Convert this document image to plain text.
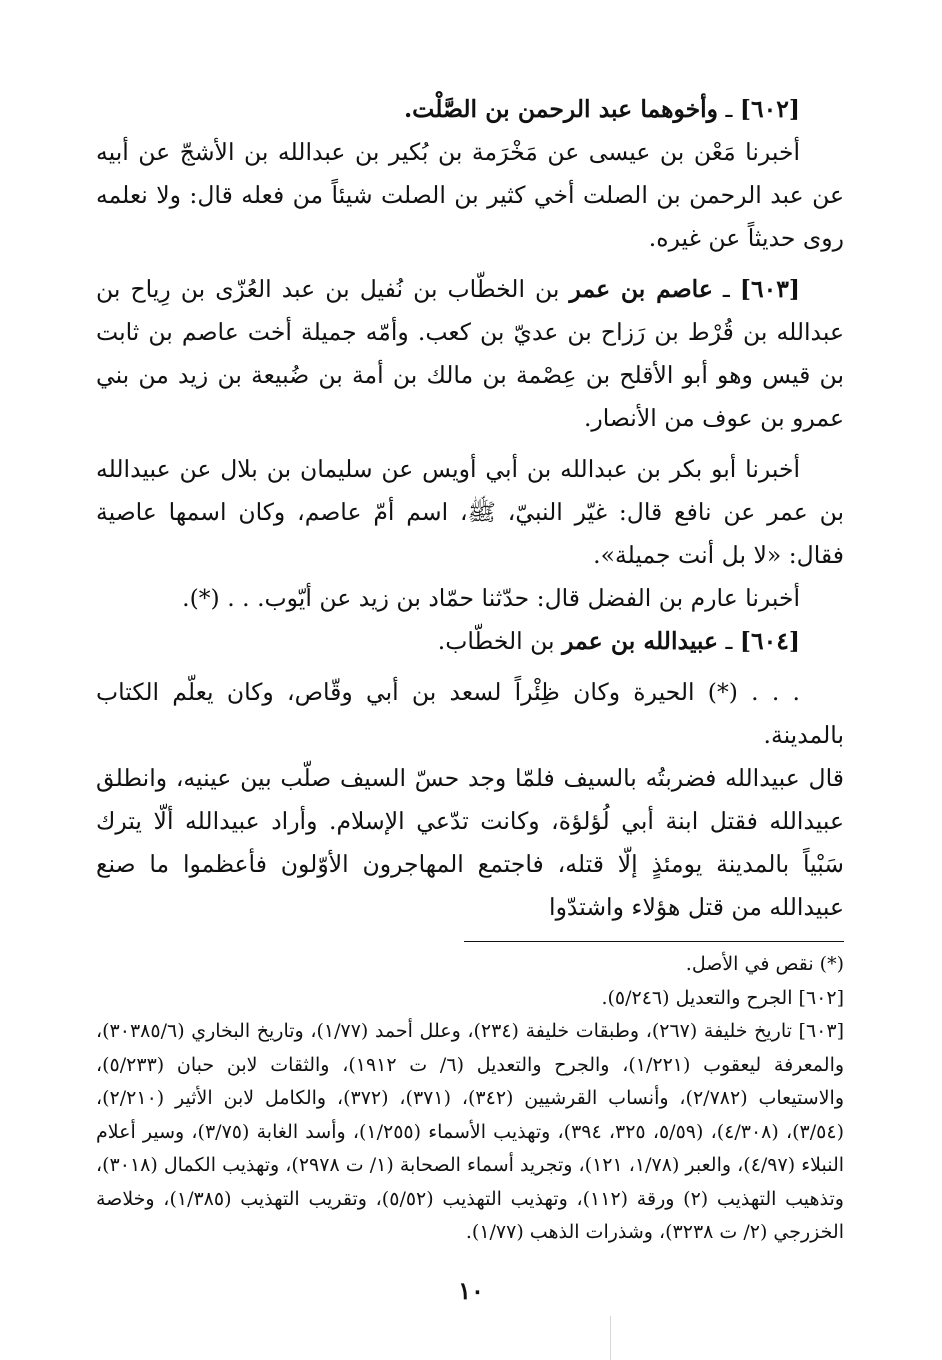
[٦٠٢] ـ وأخوهما عبد الرحمن بن الصَّلْت.

أخبرنا مَعْن بن عيسى عن مَخْرَمة بن بُكير بن عبدالله بن الأشجّ عن أبيه عن عبد الرحمن بن الصلت أخي كثير بن الصلت شيئاً من فعله قال: ولا نعلمه روى حديثاً عن غيره.

[٦٠٣] ـ عاصم بن عمر بن الخطّاب بن نُفيل بن عبد العُزّى بن رِياح بن عبدالله بن قُرْط بن رَزاح بن عديّ بن كعب. وأمّه جميلة أخت عاصم بن ثابت بن قيس وهو أبو الأقلح بن عِصْمة بن مالك بن أمة بن ضُبيعة بن زيد من بني عمرو بن عوف من الأنصار.

أخبرنا أبو بكر بن عبدالله بن أبي أويس عن سليمان بن بلال عن عبيدالله بن عمر عن نافع قال: غيّر النبيّ، ﷺ، اسم أمّ عاصم، وكان اسمها عاصية فقال: «لا بل أنت جميلة».

أخبرنا عارم بن الفضل قال: حدّثنا حمّاد بن زيد عن أيّوب. . . (*).

[٦٠٤] ـ عبيدالله بن عمر بن الخطّاب.

. . . (*) الحيرة وكان ظِئْراً لسعد بن أبي وقّاص، وكان يعلّم الكتاب بالمدينة.

قال عبيدالله فضربتُه بالسيف فلمّا وجد حسّ السيف صلّب بين عينيه، وانطلق عبيدالله فقتل ابنة أبي لُؤلؤة، وكانت تدّعي الإسلام. وأراد عبيدالله ألّا يترك سَبْياً بالمدينة يومئذٍ إلّا قتله، فاجتمع المهاجرون الأوّلون فأعظموا ما صنع عبيدالله من قتل هؤلاء واشتدّوا

(*) نقص في الأصل.

[٦٠٢] الجرح والتعديل (٥/٢٤٦).

[٦٠٣] تاريخ خليفة (٢٦٧)، وطبقات خليفة (٢٣٤)، وعلل أحمد (١/٧٧)، وتاريخ البخاري (٣٠٣٨٥/٦)، والمعرفة ليعقوب (١/٢٢١)، والجرح والتعديل (٦/ ت ١٩١٢)، والثقات لابن حبان (٥/٢٣٣)، والاستيعاب (٢/٧٨٢)، وأنساب القرشيين (٣٤٢)، (٣٧١)، (٣٧٢)، والكامل لابن الأثير (٢/٢١٠)، (٣/٥٤)، (٤/٣٠٨)، (٥/٥٩، ٣٢٥، ٣٩٤)، وتهذيب الأسماء (١/٢٥٥)، وأسد الغابة (٣/٧٥)، وسير أعلام النبلاء (٤/٩٧)، والعبر (١/٧٨، ١٢١)، وتجريد أسماء الصحابة (١/ ت ٢٩٧٨)، وتهذيب الكمال (٣٠١٨)، وتذهيب التهذيب (٢) ورقة (١١٢)، وتهذيب التهذيب (٥/٥٢)، وتقريب التهذيب (١/٣٨٥)، وخلاصة الخزرجي (٢/ ت ٣٢٣٨)، وشذرات الذهب (١/٧٧).

١٠
